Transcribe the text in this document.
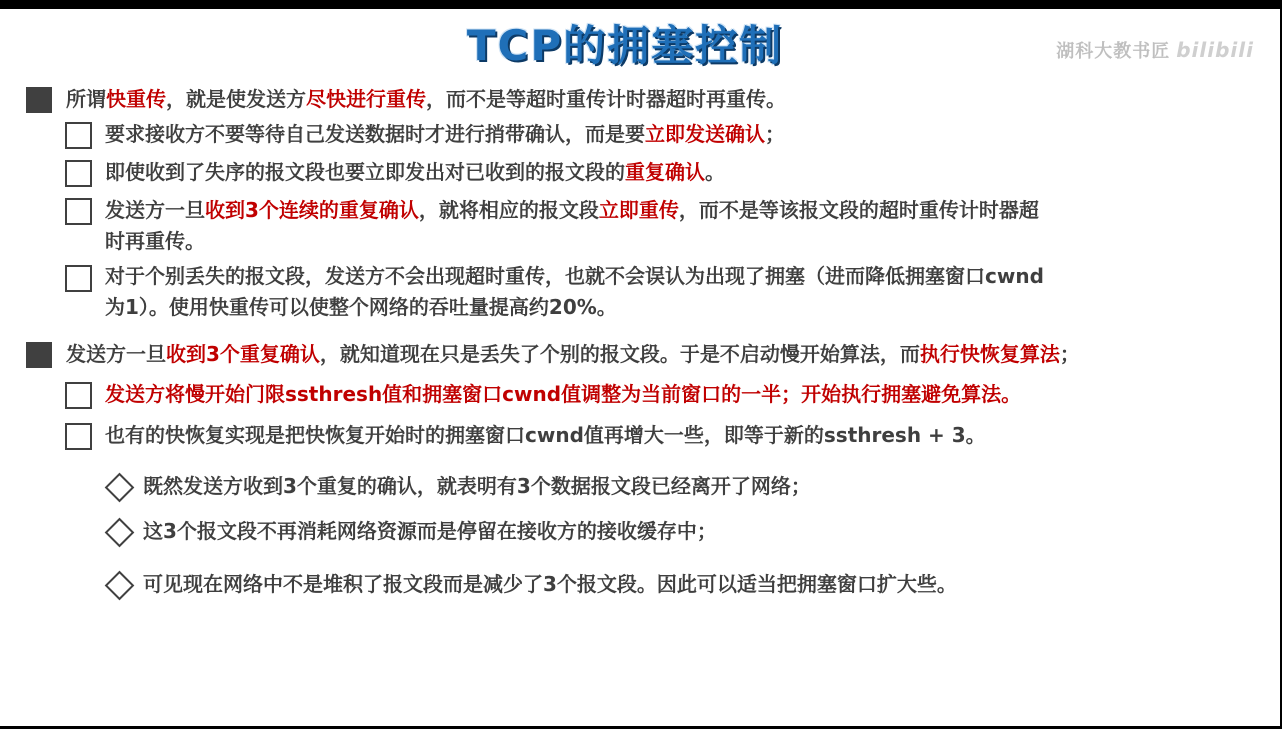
TCP的拥塞控制	湖科大教书匠 bilibili
所谓快重传，就是使发送方尽快进行重传，而不是等超时重传计时器超时再重传。
要求接收方不要等待自己发送数据时才进行捎带确认，而是要立即发送确认；
即使收到了失序的报文段也要立即发出对已收到的报文段的重复确认。
发送方一旦收到3个连续的重复确认，就将相应的报文段立即重传，而不是等该报文段的超时重传计时器超
时再重传。
对于个别丢失的报文段，发送方不会出现超时重传，也就不会误认为出现了拥塞（进而降低拥塞窗口cwnd
为1）。使用快重传可以使整个网络的吞吐量提高约20%。
发送方一旦收到3个重复确认，就知道现在只是丢失了个别的报文段。于是不启动慢开始算法，而执行快恢复算法；
发送方将慢开始门限ssthresh值和拥塞窗口cwnd值调整为当前窗口的一半；开始执行拥塞避免算法。
也有的快恢复实现是把快恢复开始时的拥塞窗口cwnd值再增大一些，即等于新的ssthresh + 3。
既然发送方收到3个重复的确认，就表明有3个数据报文段已经离开了网络；
这3个报文段不再消耗网络资源而是停留在接收方的接收缓存中；
可见现在网络中不是堆积了报文段而是减少了3个报文段。因此可以适当把拥塞窗口扩大些。
